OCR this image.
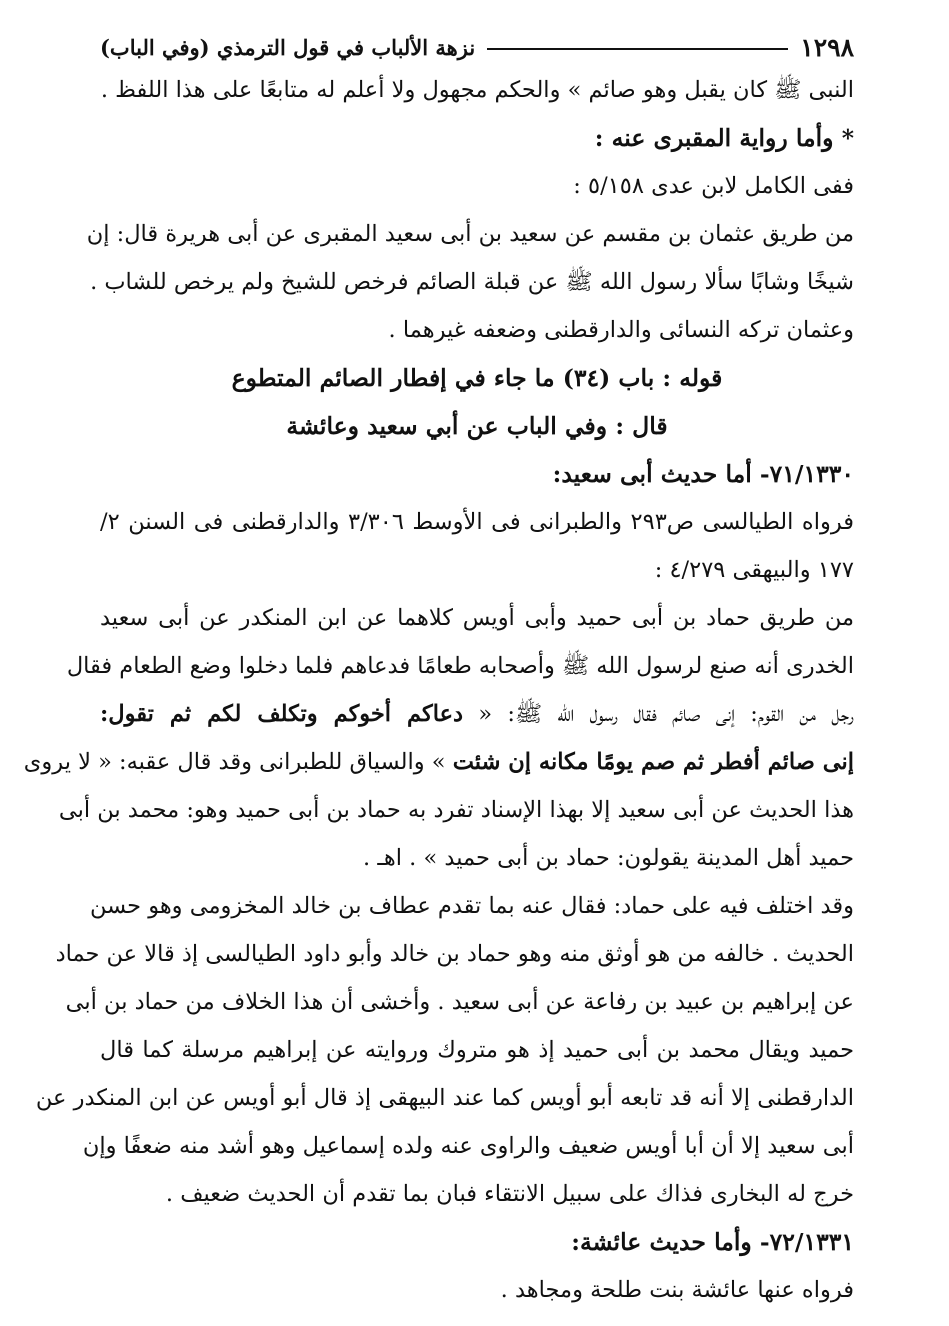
١٢٩٨
نزهة الألباب في قول الترمذي (وفي الباب)
النبى ﷺ كان يقبل وهو صائم » والحكم مجهول ولا أعلم له متابعًا على هذا اللفظ .
* وأما رواية المقبرى عنه :
ففى الكامل لابن عدى ٥/١٥٨ :
من طريق عثمان بن مقسم عن سعيد بن أبى سعيد المقبرى عن أبى هريرة قال: إن
شيخًا وشابًا سألا رسول الله ﷺ عن قبلة الصائم فرخص للشيخ ولم يرخص للشاب .
وعثمان تركه النسائى والدارقطنى وضعفه غيرهما .
قوله : باب (٣٤) ما جاء في إفطار الصائم المتطوع
قال : وفي الباب عن أبي سعيد وعائشة
٧١/١٣٣٠- أما حديث أبى سعيد:
فرواه الطيالسى ص٢٩٣ والطبرانى فى الأوسط ٣/٣٠٦ والدارقطنى فى السنن ٢/
١٧٧ والبيهقى ٤/٢٧٩ :
من طريق حماد بن أبى حميد وأبى أويس كلاهما عن ابن المنكدر عن أبى سعيد
الخدرى أنه صنع لرسول الله ﷺ وأصحابه طعامًا فدعاهم فلما دخلوا وضع الطعام فقال
رجل من القوم: إنى صائم فقال رسول الله ﷺ: « دعاكم أخوكم وتكلف لكم ثم تقول:
إنى صائم أفطر ثم صم يومًا مكانه إن شئت » والسياق للطبرانى وقد قال عقبه: « لا يروى
هذا الحديث عن أبى سعيد إلا بهذا الإسناد تفرد به حماد بن أبى حميد وهو: محمد بن أبى
حميد أهل المدينة يقولون: حماد بن أبى حميد » . اهـ .
وقد اختلف فيه على حماد: فقال عنه بما تقدم عطاف بن خالد المخزومى وهو حسن
الحديث . خالفه من هو أوثق منه وهو حماد بن خالد وأبو داود الطيالسى إذ قالا عن حماد
عن إبراهيم بن عبيد بن رفاعة عن أبى سعيد . وأخشى أن هذا الخلاف من حماد بن أبى
حميد ويقال محمد بن أبى حميد إذ هو متروك وروايته عن إبراهيم مرسلة كما قال
الدارقطنى إلا أنه قد تابعه أبو أويس كما عند البيهقى إذ قال أبو أويس عن ابن المنكدر عن
أبى سعيد إلا أن أبا أويس ضعيف والراوى عنه ولده إسماعيل وهو أشد منه ضعفًا وإن
خرج له البخارى فذاك على سبيل الانتقاء فبان بما تقدم أن الحديث ضعيف .
٧٢/١٣٣١- وأما حديث عائشة:
فرواه عنها عائشة بنت طلحة ومجاهد .
